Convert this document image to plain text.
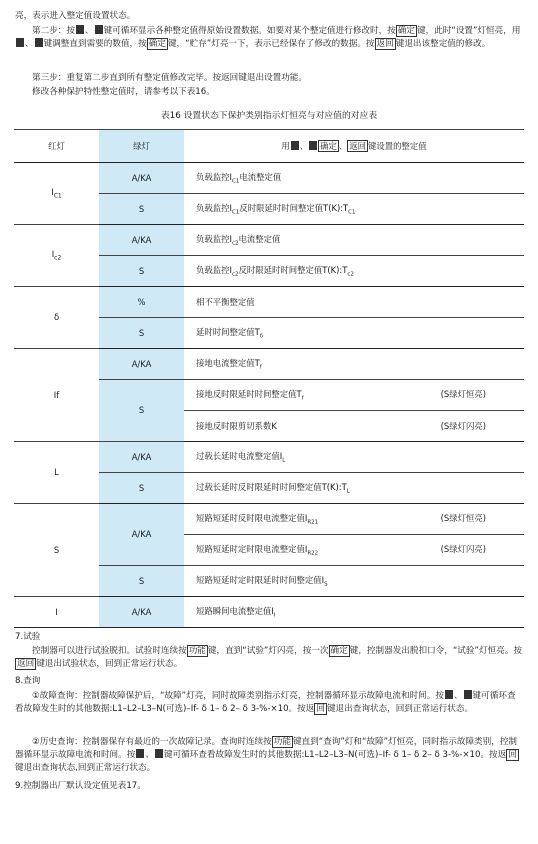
亮，表示进入整定值设置状态。

第二步：按 、 键可循环显示各种整定值得原始设置数据。如要对某个整定值进行修改时，按 确定 键，此时“设置”灯恒亮，用、 键调整直到需要的数值，按 确定 键，“贮存”灯亮一下，表示已经保存了修改的数据。按 返回 键退出该整定值的修改。

第三步：重复第二步直到所有整定值修改完毕。按返回键退出设置功能。

修改各种保护特性整定值时，请参考以下表16。

表16 设置状态下保护类别指示灯恒亮与对应值的对应表
红灯	绿灯	用 、 确定 、 返回 键设置的整定值
$I_{C1}$	A/KA	负载监控$I_{C1}$电流整定值

	S	负载监控$I_{C1}$反时限延时时间整定值$T(K):T_{C1}$

$I_{c2}$	A/KA	负载监控$I_{c2}$电流整定值

	S	负载监控$I_{c2}$反时限延时时间整定值$T(K):T_{c2}$

δ	%	相不平衡整定值

	S	延时时间整定值$T_\delta$

If	A/KA	接地电流整定值$T_f$

	S	接地反时限延时时间整定值$T_f$ (S绿灯恒亮)

		接地反时限剪切系数K (S绿灯闪亮)

L	A/KA	过载长延时电流整定值$I_L$

	S	过载长延时反时限延时时间整定值$T(K):T_L$

S	A/KA	短路短延时反时限电流整定值$I_{R21}$ (S绿灯恒亮)

		短路短延时定时限电流整定值$I_{R22}$ (S绿灯闪亮)

	S	短路短延时定时限延时时间整定值$I_S$

I	A/KA	短路瞬间电流整定值$I_I$

7.试验

控制器可以进行试验脱扣。试验时连续按 功能 键，直到“试验”灯闪亮，按一次 确定 键，控制器发出脱扣口令，“试验”灯恒亮。按返回 键退出试验状态，回到正常运行状态。

8.查询

①故障查询：控制器故障保护后，“故障”灯亮，同时故障类别指示灯亮，控制器循环显示故障电流和时间。按 、 键可循环查看故障发生时的其他数据:L1–L2–L3–N(可选)–If- δ 1– δ 2– δ 3-%-×10。按返 回 键退出查询状态，回到正常运行状态。

②历史查询：控制器保存有最近的一次故障记录。查询时连续按 功能 键直到“查询”灯和“故障”灯恒亮，同时指示故障类别，控制器循环显示故障电流和时间。按 、 键可循环查看故障发生时的其他数据:L1–L2–L3–N(可选)–If- δ 1– δ 2– δ 3-%-×10。按返 回键退出查询状态,回到正常运行状态。

9.控制器出厂默认设定值见表17。
